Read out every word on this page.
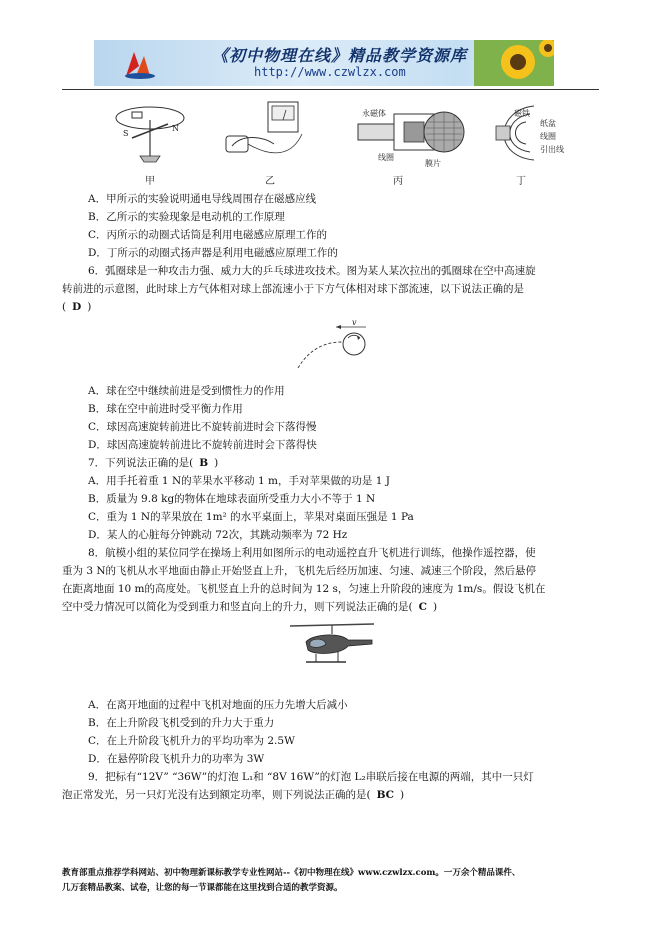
《初中物理在线》精品教学资源库
http://www.czwlzx.com
S
N
永磁体
线圈
膜片
磁铁
纸盆
线圈
引出线
甲	乙	丙	丁
A．甲所示的实验说明通电导线周围存在磁感应线
B．乙所示的实验现象是电动机的工作原理
C．丙所示的动圈式话筒是利用电磁感应原理工作的
D．丁所示的动圈式扬声器是利用电磁感应原理工作的
6．弧圈球是一种攻击力强、威力大的乒乓球进攻技术。图为某人某次拉出的弧圈球在空中高速旋
转前进的示意图，此时球上方气体相对球上部流速小于下方气体相对球下部流速，以下说法正确的是
( D )
v
A．球在空中继续前进是受到惯性力的作用
B．球在空中前进时受平衡力作用
C．球因高速旋转前进比不旋转前进时会下落得慢
D．球因高速旋转前进比不旋转前进时会下落得快
7．下列说法正确的是( B )
A．用手托着重 1 N的苹果水平移动 1 m，手对苹果做的功是 1 J
B．质量为 9.8 kg的物体在地球表面所受重力大小不等于 1 N
C．重为 1 N的苹果放在 1m² 的水平桌面上，苹果对桌面压强是 1 Pa
D．某人的心脏每分钟跳动 72次，其跳动频率为 72 Hz
8．航模小组的某位同学在操场上利用如图所示的电动遥控直升飞机进行训练，他操作遥控器，使
重为 3 N的飞机从水平地面由静止开始竖直上升，飞机先后经历加速、匀速、减速三个阶段，然后悬停
在距离地面 10 m的高度处。飞机竖直上升的总时间为 12 s，匀速上升阶段的速度为 1m/s。假设飞机在
空中受力情况可以简化为受到重力和竖直向上的升力，则下列说法正确的是( C )
A．在离开地面的过程中飞机对地面的压力先增大后减小
B．在上升阶段飞机受到的升力大于重力
C．在上升阶段飞机升力的平均功率为 2.5W
D．在悬停阶段飞机升力的功率为 3W
9．把标有“12V” “36W”的灯泡 L₁和 “8V 16W”的灯泡 L₂串联后接在电源的两端，其中一只灯
泡正常发光，另一只灯光没有达到额定功率，则下列说法正确的是( BC )
教育部重点推荐学科网站、初中物理新课标教学专业性网站--《初中物理在线》www.czwlzx.com。一万余个精品课件、
几万套精品教案、试卷，让您的每一节课都能在这里找到合适的教学资源。
